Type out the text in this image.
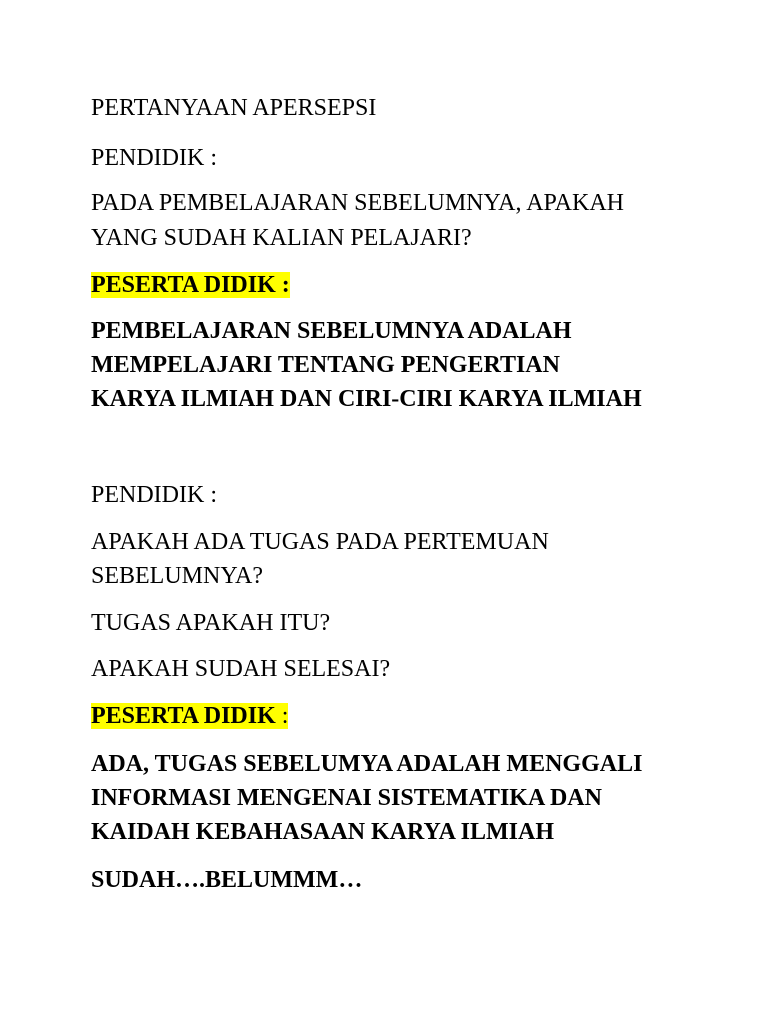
PERTANYAAN APERSEPSI
PENDIDIK :
PADA PEMBELAJARAN SEBELUMNYA, APAKAH
YANG SUDAH KALIAN PELAJARI?
PESERTA DIDIK :
PEMBELAJARAN SEBELUMNYA ADALAH
MEMPELAJARI TENTANG PENGERTIAN
KARYA ILMIAH DAN CIRI-CIRI KARYA ILMIAH
PENDIDIK :
APAKAH ADA TUGAS PADA PERTEMUAN
SEBELUMNYA?
TUGAS APAKAH ITU?
APAKAH SUDAH SELESAI?
PESERTA DIDIK :
ADA, TUGAS SEBELUMYA ADALAH MENGGALI
INFORMASI MENGENAI SISTEMATIKA DAN
KAIDAH KEBAHASAAN KARYA ILMIAH
SUDAH….BELUMMM…
